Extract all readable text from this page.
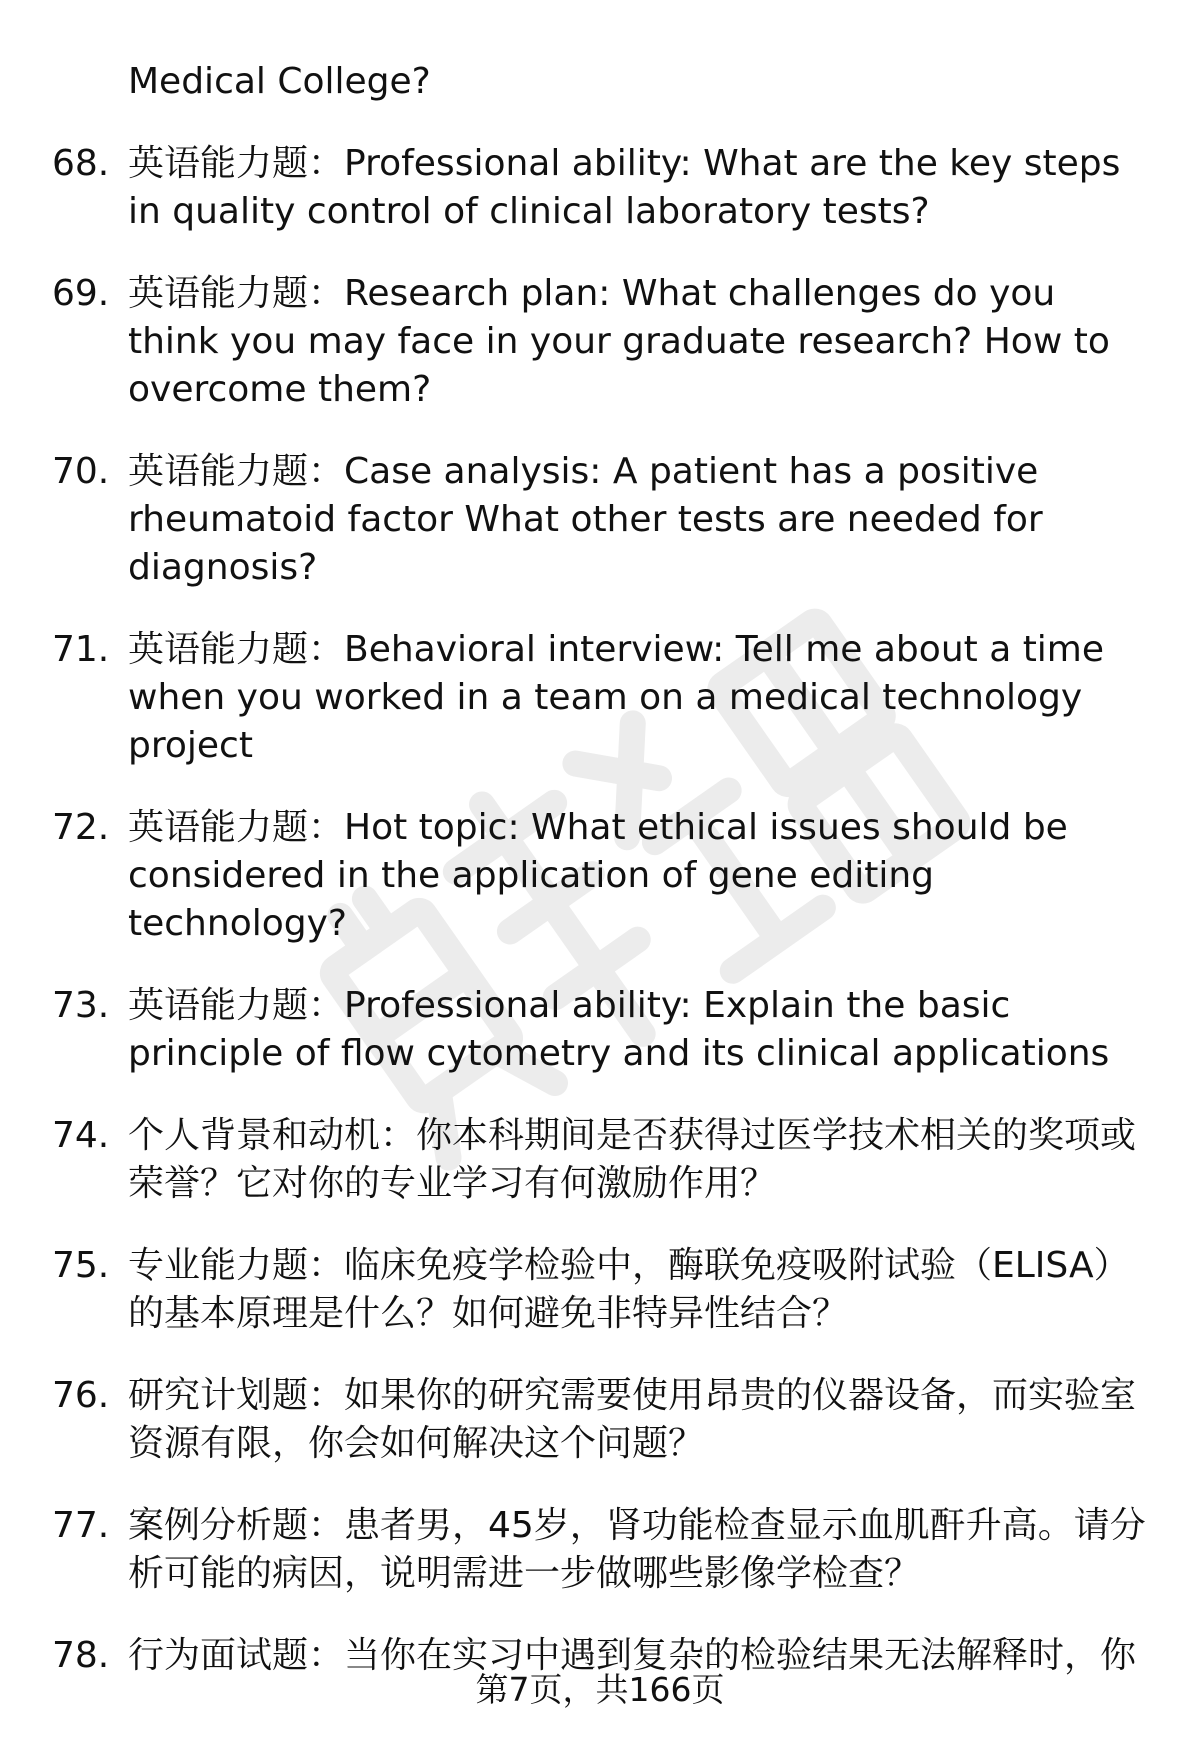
Medical College?
68. 英语能力题：Professional ability: What are the key steps in quality control of clinical laboratory tests?
69. 英语能力题：Research plan: What challenges do you think you may face in your graduate research? How to overcome them?
70. 英语能力题：Case analysis: A patient has a positive rheumatoid factor What other tests are needed for diagnosis?
71. 英语能力题：Behavioral interview: Tell me about a time when you worked in a team on a medical technology project
72. 英语能力题：Hot topic: What ethical issues should be considered in the application of gene editing technology?
73. 英语能力题：Professional ability: Explain the basic principle of flow cytometry and its clinical applications
74. 个人背景和动机：你本科期间是否获得过医学技术相关的奖项或荣誉？它对你的专业学习有何激励作用？
75. 专业能力题：临床免疫学检验中，酶联免疫吸附试验（ELISA）的基本原理是什么？如何避免非特异性结合？
76. 研究计划题：如果你的研究需要使用昂贵的仪器设备，而实验室资源有限，你会如何解决这个问题？
77. 案例分析题：患者男，45岁，肾功能检查显示血肌酐升高。请分析可能的病因，说明需进一步做哪些影像学检查？
78. 行为面试题：当你在实习中遇到复杂的检验结果无法解释时，你
第7页，共166页
